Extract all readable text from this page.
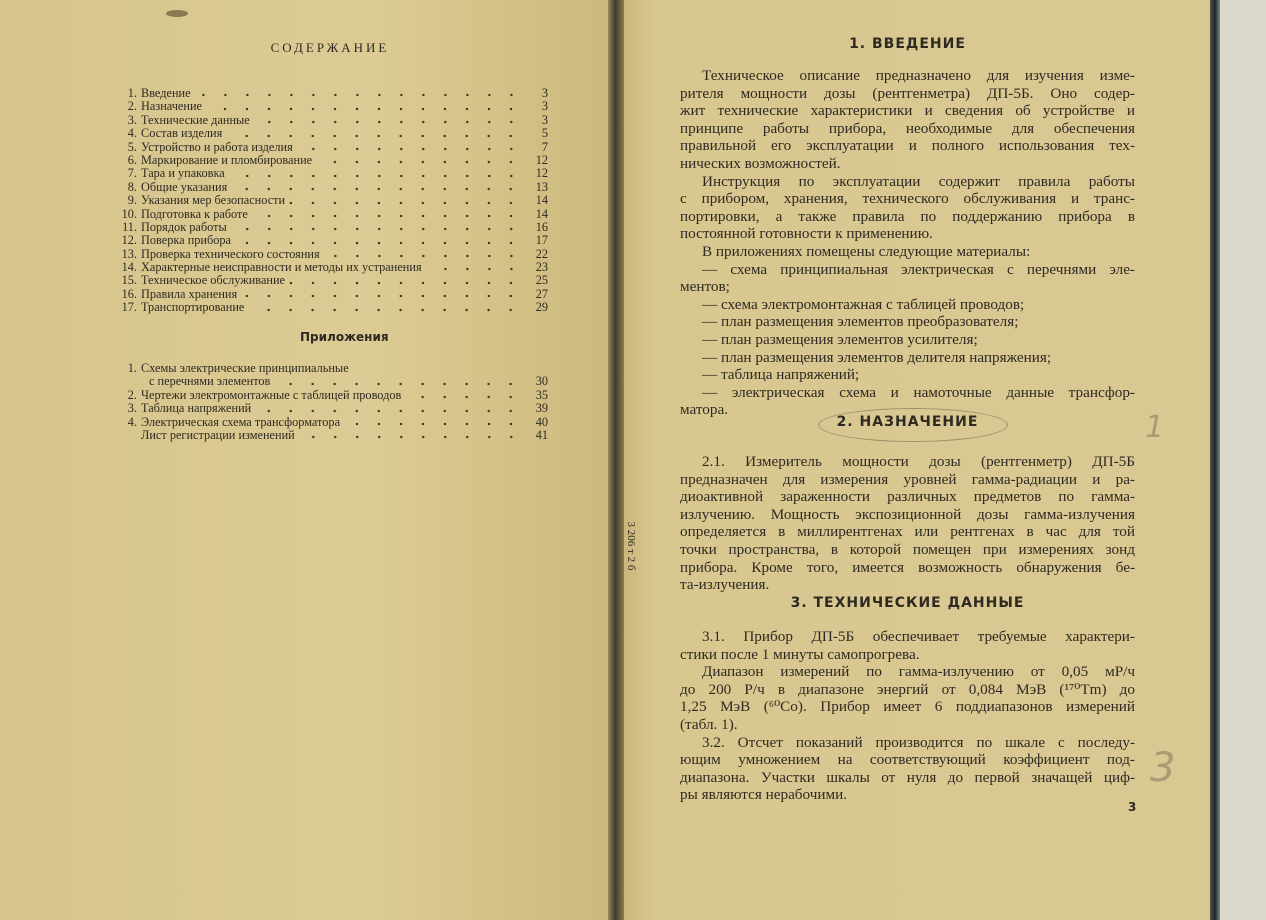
СОДЕРЖАНИЕ
1. Введение	3
2. Назначение	3
3. Технические данные	3
4. Состав изделия	5
5. Устройство и работа изделия	7
6. Маркирование и пломбирование	12
7. Тара и упаковка	12
8. Общие указания	13
9. Указания мер безопасности	14
10. Подготовка к работе	14
11. Порядок работы	16
12. Поверка прибора	17
13. Проверка технического состояния	22
14. Характерные неисправности и методы их устранения	23
15. Техническое обслуживание	25
16. Правила хранения	27
17. Транспортирование	29
Приложения
1. Схемы электрические принципиальные
с перечнями элементов	30
2. Чертежи электромонтажные с таблицей проводов	35
3. Таблица напряжений	39
4. Электрическая схема трансформатора	40
Лист регистрации изменений	41
3 206 т 2 б
1. ВВЕДЕНИЕ
Техническое описание предназначено для изучения изме-
рителя мощности дозы (рентгенметра) ДП-5Б. Оно содер-
жит технические характеристики и сведения об устройстве и
принципе работы прибора, необходимые для обеспечения
правильной его эксплуатации и полного использования тех-
нических возможностей.
Инструкция по эксплуатации содержит правила работы
с прибором, хранения, технического обслуживания и транс-
портировки, а также правила по поддержанию прибора в
постоянной готовности к применению.
В приложениях помещены следующие материалы:
— схема принципиальная электрическая с перечнями эле-
ментов;
— схема электромонтажная с таблицей проводов;
— план размещения элементов преобразователя;
— план размещения элементов усилителя;
— план размещения элементов делителя напряжения;
— таблица напряжений;
— электрическая схема и намоточные данные трансфор-
матора.
2. НАЗНАЧЕНИЕ
2.1. Измеритель мощности дозы (рентгенметр) ДП-5Б
предназначен для измерения уровней гамма-радиации и ра-
диоактивной зараженности различных предметов по гамма-
излучению. Мощность экспозиционной дозы гамма-излучения
определяется в миллирентгенах или рентгенах в час для той
точки пространства, в которой помещен при измерениях зонд
прибора. Кроме того, имеется возможность обнаружения бе-
та-излучения.
3. ТЕХНИЧЕСКИЕ ДАННЫЕ
3.1. Прибор ДП-5Б обеспечивает требуемые характери-
стики после 1 минуты самопрогрева.
Диапазон измерений по гамма-излучению от 0,05 мР/ч
до 200 Р/ч в диапазоне энергий от 0,084 МэВ (¹⁷⁰Tm) до
1,25 МэВ (⁶⁰Co). Прибор имеет 6 поддиапазонов измерений
(табл. 1).
3.2. Отсчет показаний производится по шкале с последу-
ющим умножением на соответствующий коэффициент под-
диапазона. Участки шкалы от нуля до первой значащей циф-
ры являются нерабочими.
3
1
3
